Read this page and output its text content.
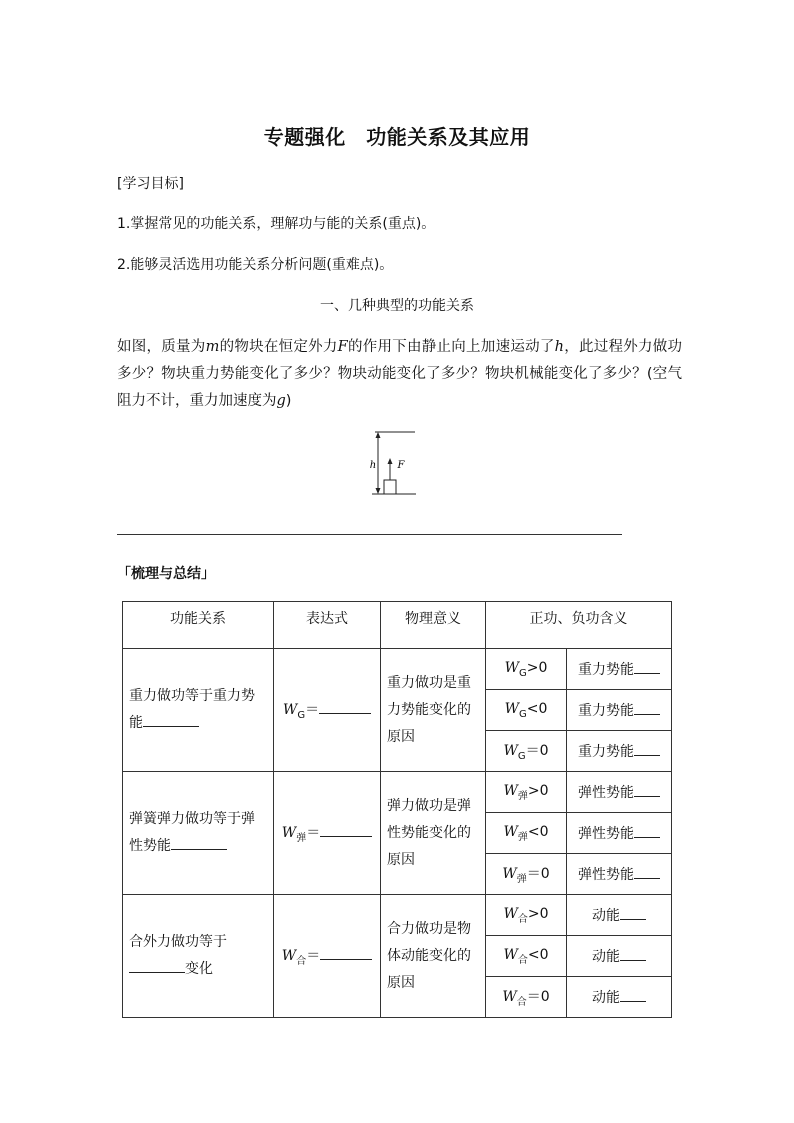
专题强化　功能关系及其应用
[学习目标]
1.掌握常见的功能关系，理解功与能的关系(重点)。
2.能够灵活选用功能关系分析问题(重难点)。
一、几种典型的功能关系
如图，质量为m的物块在恒定外力F的作用下由静止向上加速运动了h，此过程外力做功多少？物块重力势能变化了多少？物块动能变化了多少？物块机械能变化了多少？(空气阻力不计，重力加速度为g)
h F
「梳理与总结」
功能关系	表达式	物理意义	正功、负功含义	

重力做功等于重力势能	$W_G=$	重力做功是重力势能变化的原因	$W_G>0$	重力势能
			$W_G<0$	重力势能
			$W_G=0$	重力势能

弹簧弹力做功等于弹性势能	$W_弹=$	弹力做功是弹性势能变化的原因	$W_弹>0$	弹性势能
			$W_弹<0$	弹性势能
			$W_弹=0$	弹性势能

合外力做功等于
变化	$W_合=$	合力做功是物体动能变化的原因	$W_合>0$	动能
			$W_合<0$	动能
			$W_合=0$	动能
